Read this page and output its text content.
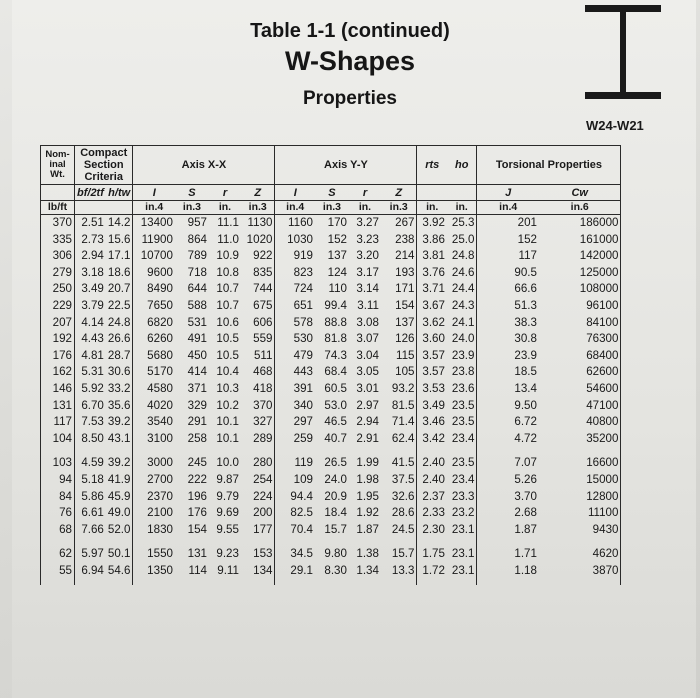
Table 1-1 (continued)
W-Shapes
Properties
W24-W21
Nom-inal Wt.	Compact Section Criteria		Axis X-X				Axis Y-Y				rts	ho	Torsional Properties	
	bf/2tf	h/tw	I	S	r	Z	I	S	r	Z			J	Cw
lb/ft			in.4	in.3	in.	in.3	in.4	in.3	in.	in.3	in.	in.	in.4	in.6
370	2.51	14.2	13400	957	11.1	1130	1160	170	3.27	267	3.92	25.3	201	186000
335	2.73	15.6	11900	864	11.0	1020	1030	152	3.23	238	3.86	25.0	152	161000
306	2.94	17.1	10700	789	10.9	922	919	137	3.20	214	3.81	24.8	117	142000
279	3.18	18.6	9600	718	10.8	835	823	124	3.17	193	3.76	24.6	90.5	125000
250	3.49	20.7	8490	644	10.7	744	724	110	3.14	171	3.71	24.4	66.6	108000
229	3.79	22.5	7650	588	10.7	675	651	99.4	3.11	154	3.67	24.3	51.3	96100
207	4.14	24.8	6820	531	10.6	606	578	88.8	3.08	137	3.62	24.1	38.3	84100
192	4.43	26.6	6260	491	10.5	559	530	81.8	3.07	126	3.60	24.0	30.8	76300
176	4.81	28.7	5680	450	10.5	511	479	74.3	3.04	115	3.57	23.9	23.9	68400
162	5.31	30.6	5170	414	10.4	468	443	68.4	3.05	105	3.57	23.8	18.5	62600
146	5.92	33.2	4580	371	10.3	418	391	60.5	3.01	93.2	3.53	23.6	13.4	54600
131	6.70	35.6	4020	329	10.2	370	340	53.0	2.97	81.5	3.49	23.5	9.50	47100
117	7.53	39.2	3540	291	10.1	327	297	46.5	2.94	71.4	3.46	23.5	6.72	40800
104	8.50	43.1	3100	258	10.1	289	259	40.7	2.91	62.4	3.42	23.4	4.72	35200

103	4.59	39.2	3000	245	10.0	280	119	26.5	1.99	41.5	2.40	23.5	7.07	16600
94	5.18	41.9	2700	222	9.87	254	109	24.0	1.98	37.5	2.40	23.4	5.26	15000
84	5.86	45.9	2370	196	9.79	224	94.4	20.9	1.95	32.6	2.37	23.3	3.70	12800
76	6.61	49.0	2100	176	9.69	200	82.5	18.4	1.92	28.6	2.33	23.2	2.68	11100
68	7.66	52.0	1830	154	9.55	177	70.4	15.7	1.87	24.5	2.30	23.1	1.87	9430

62	5.97	50.1	1550	131	9.23	153	34.5	9.80	1.38	15.7	1.75	23.1	1.71	4620
55	6.94	54.6	1350	114	9.11	134	29.1	8.30	1.34	13.3	1.72	23.1	1.18	3870
